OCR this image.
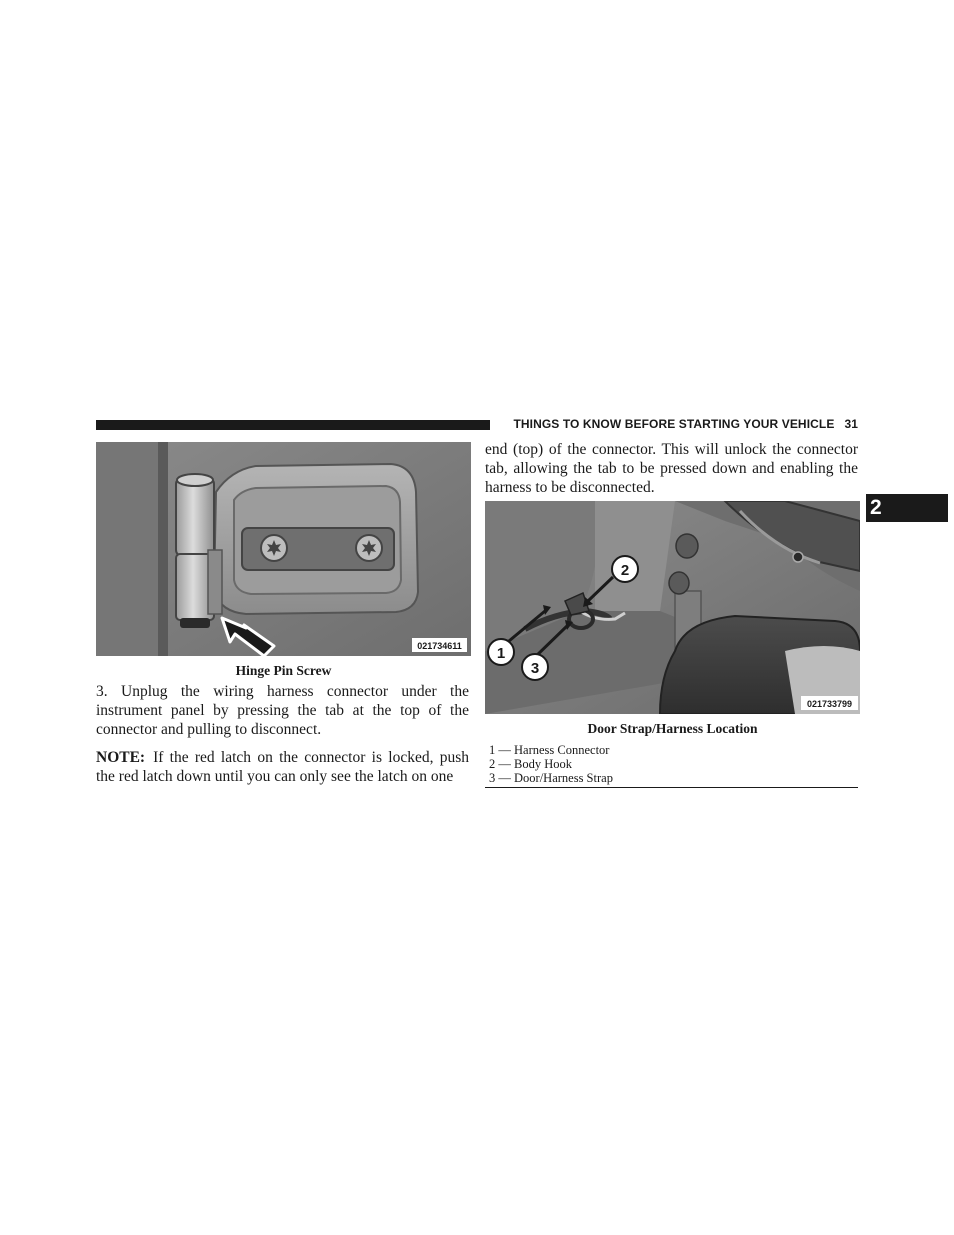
THINGS TO KNOW BEFORE STARTING YOUR VEHICLE 31
2
021734611
Hinge Pin Screw

3. Unplug the wiring harness connector under the instrument panel by pressing the tab at the top of the connector and pulling to disconnect.

NOTE: If the red latch on the connector is locked, push the red latch down until you can only see the latch on one

end (top) of the connector. This will unlock the connector tab, allowing the tab to be pressed down and enabling the harness to be disconnected.

1
2
3
021733799
Door Strap/Harness Location
1 — Harness Connector
2 — Body Hook
3 — Door/Harness Strap
